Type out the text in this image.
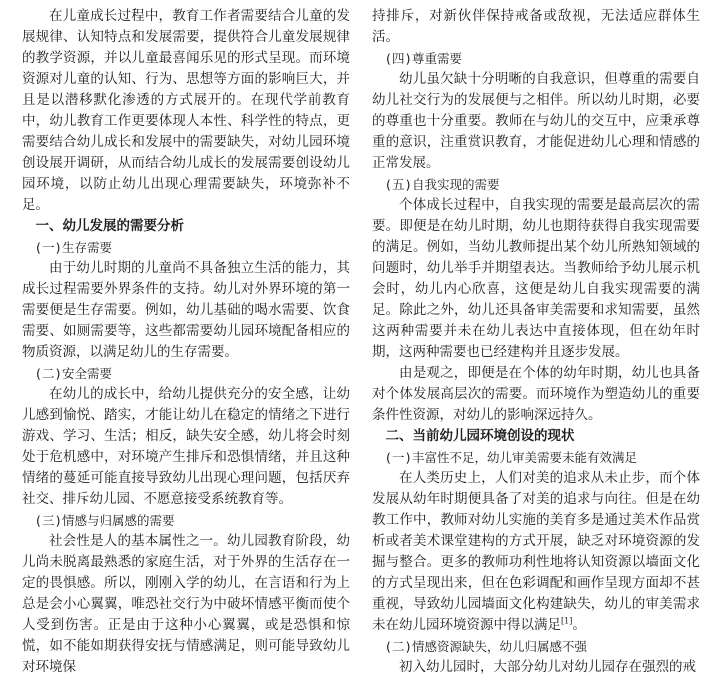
在儿童成长过程中，教育工作者需要结合儿童的发展规律、认知特点和发展需要，提供符合儿童发展规律的教学资源，并以儿童最喜闻乐见的形式呈现。而环境资源对儿童的认知、行为、思想等方面的影响巨大，并且是以潜移默化渗透的方式展开的。在现代学前教育中，幼儿教育工作更要体现人本性、科学性的特点，更需要结合幼儿成长和发展中的需要缺失，对幼儿园环境创设展开调研，从而结合幼儿成长的发展需要创设幼儿园环境，以防止幼儿出现心理需要缺失，环境弥补不足。

一、幼儿发展的需要分析

(一)生存需要

由于幼儿时期的儿童尚不具备独立生活的能力，其成长过程需要外界条件的支持。幼儿对外界环境的第一需要便是生存需要。例如，幼儿基础的喝水需要、饮食需要、如厕需要等，这些都需要幼儿园环境配备相应的物质资源，以满足幼儿的生存需要。

(二)安全需要

在幼儿的成长中，给幼儿提供充分的安全感，让幼儿感到愉悦、踏实，才能让幼儿在稳定的情绪之下进行游戏、学习、生活；相反，缺失安全感，幼儿将会时刻处于危机感中，对环境产生排斥和恐惧情绪，并且这种情绪的蔓延可能直接导致幼儿出现心理问题，包括厌弃社交、排斥幼儿园、不愿意接受系统教育等。

(三)情感与归属感的需要

社会性是人的基本属性之一。幼儿园教育阶段，幼儿尚未脱离最熟悉的家庭生活，对于外界的生活存在一定的畏惧感。所以，刚刚入学的幼儿，在言语和行为上总是会小心翼翼，唯恐社交行为中破坏情感平衡而使个人受到伤害。正是由于这种小心翼翼，或是恐惧和惊慌，如不能如期获得安抚与情感满足，则可能导致幼儿对环境保

持排斥，对新伙伴保持戒备或敌视，无法适应群体生活。

(四)尊重需要

幼儿虽欠缺十分明晰的自我意识，但尊重的需要自幼儿社交行为的发展便与之相伴。所以幼儿时期，必要的尊重也十分重要。教师在与幼儿的交互中，应秉承尊重的意识，注重赏识教育，才能促进幼儿心理和情感的正常发展。

(五)自我实现的需要

个体成长过程中，自我实现的需要是最高层次的需要。即便是在幼儿时期，幼儿也期待获得自我实现需要的满足。例如，当幼儿教师提出某个幼儿所熟知领域的问题时，幼儿举手并期望表达。当教师给予幼儿展示机会时，幼儿内心欣喜，这便是幼儿自我实现需要的满足。除此之外，幼儿还具备审美需要和求知需要，虽然这两种需要并未在幼儿表达中直接体现，但在幼年时期，这两种需要也已经建构并且逐步发展。

由是观之，即便是在个体的幼年时期，幼儿也具备对个体发展高层次的需要。而环境作为塑造幼儿的重要条件性资源，对幼儿的影响深远持久。

二、当前幼儿园环境创设的现状

(一)丰富性不足，幼儿审美需要未能有效满足

在人类历史上，人们对美的追求从未止步，而个体发展从幼年时期便具备了对美的追求与向往。但是在幼教工作中，教师对幼儿实施的美育多是通过美术作品赏析或者美术课堂建构的方式开展，缺乏对环境资源的发掘与整合。更多的教师功利性地将认知资源以墙面文化的方式呈现出来，但在色彩调配和画作呈现方面却不甚重视，导致幼儿园墙面文化构建缺失，幼儿的审美需求未在幼儿园环境资源中得以满足[1]。

(二)情感资源缺失，幼儿归属感不强

初入幼儿园时，大部分幼儿对幼儿园存在强烈的戒
